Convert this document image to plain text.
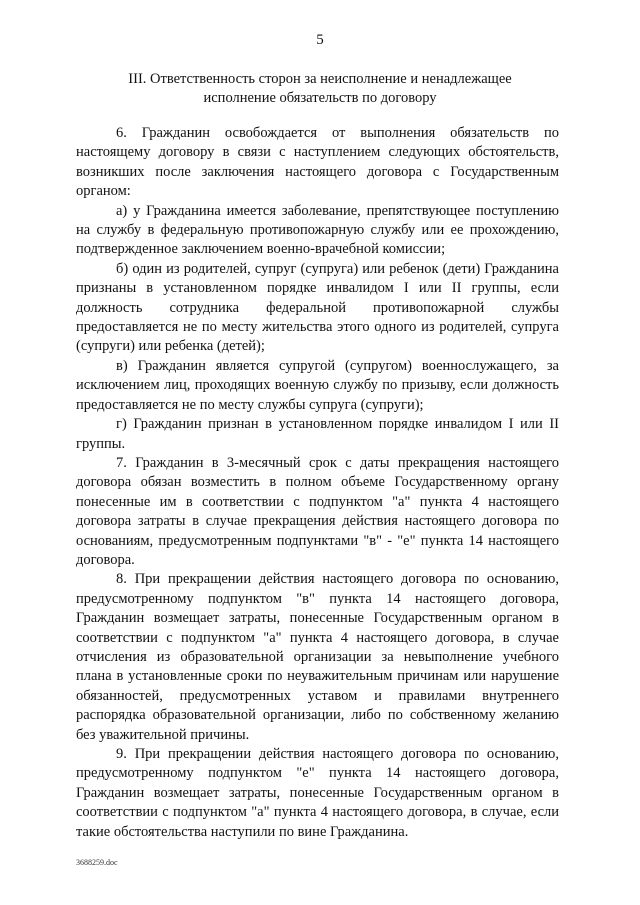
5
III. Ответственность сторон за неисполнение и ненадлежащее
исполнение обязательств по договору

6. Гражданин освобождается от выполнения обязательств по настоящему договору в связи с наступлением следующих обстоятельств, возникших после заключения настоящего договора с Государственным органом:

а) у Гражданина имеется заболевание, препятствующее поступлению на службу в федеральную противопожарную службу или ее прохождению, подтвержденное заключением военно-врачебной комиссии;

б) один из родителей, супруг (супруга) или ребенок (дети) Гражданина признаны в установленном порядке инвалидом I или II группы, если должность сотрудника федеральной противопожарной службы предоставляется не по месту жительства этого одного из родителей, супруга (супруги) или ребенка (детей);

в) Гражданин является супругой (супругом) военнослужащего, за исключением лиц, проходящих военную службу по призыву, если должность предоставляется не по месту службы супруга (супруги);

г) Гражданин признан в установленном порядке инвалидом I или II группы.

7. Гражданин в 3-месячный срок с даты прекращения настоящего договора обязан возместить в полном объеме Государственному органу понесенные им в соответствии с подпунктом "а" пункта 4 настоящего договора затраты в случае прекращения действия настоящего договора по основаниям, предусмотренным подпунктами "в" - "е" пункта 14 настоящего договора.

8. При прекращении действия настоящего договора по основанию, предусмотренному подпунктом "в" пункта 14 настоящего договора, Гражданин возмещает затраты, понесенные Государственным органом в соответствии с подпунктом "а" пункта 4 настоящего договора, в случае отчисления из образовательной организации за невыполнение учебного плана в установленные сроки по неуважительным причинам или нарушение обязанностей, предусмотренных уставом и правилами внутреннего распорядка образовательной организации, либо по собственному желанию без уважительной причины.

9. При прекращении действия настоящего договора по основанию, предусмотренному подпунктом "е" пункта 14 настоящего договора, Гражданин возмещает затраты, понесенные Государственным органом в соответствии с подпунктом "а" пункта 4 настоящего договора, в случае, если такие обстоятельства наступили по вине Гражданина.

3688259.doc
